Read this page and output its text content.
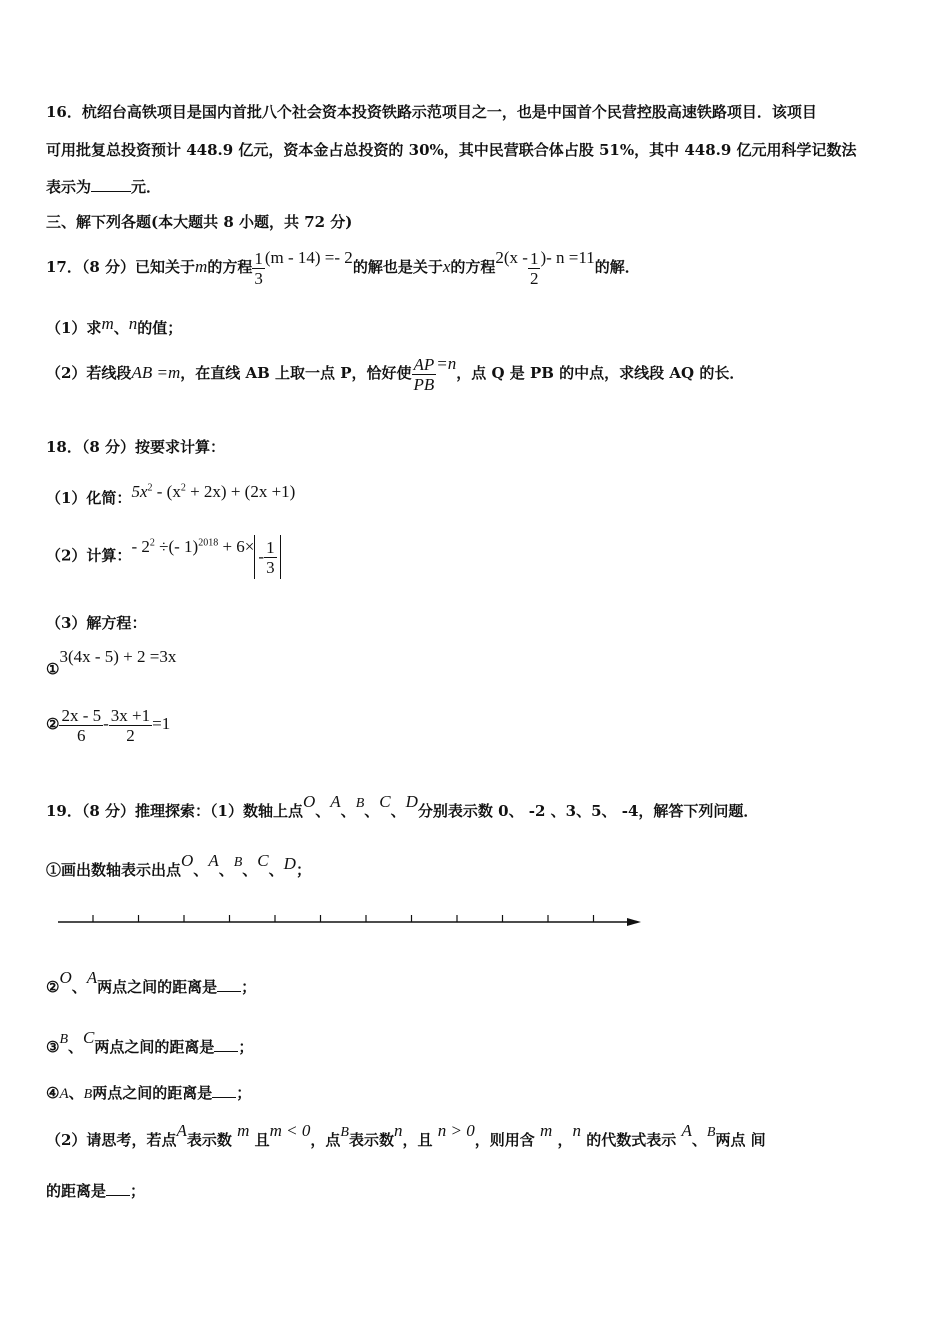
16．杭绍台高铁项目是国内首批八个社会资本投资铁路示范项目之一，也是中国首个民营控股高速铁路项目．该项目
可用批复总投资预计 448.9 亿元，资本金占总投资的 30%，其中民营联合体占股 51%，其中 448.9 亿元用科学记数法
表示为	元．
三、解下列各题(本大题共 8 小题，共 72 分)
17．（8 分）已知关于m的方程 $\frac{1}{3} (m - 14) =- 2$的解也是关于x的方程$2(x - \frac{1}{2}$ )- n =11的解．
（1）求m、n的值；
（2）若线段AB =m，在直线 AB 上取一点 P，恰好使 $\frac{AP}{PB} =n$，点 Q 是 PB 的中点，求线段 AQ 的长．
18．（8 分）按要求计算：
（1）化简：$5x^2 - (x^2 + 2x) + (2x +1)$
（2）计算：- $2^2$ ÷(- $1)^{2018} + 6\times- \frac{1}{3}$
（3）解方程：
①3(4x - 5) + 2 =3x
② $\frac{2x - 5}{6} - \frac{3x +1}{2} =1$
19．（8 分）推理探索：（1）数轴上点O、A、B、C、D分别表示数 0、 -2 、3、5、 -4，解答下列问题．
①画出数轴表示出点O、A、B、C、D；
②O、A两点之间的距离是 ；
③B、C两点之间的距离是 ；
④A、B两点之间的距离是 ；
（2）请思考，若点A表示数 m 且m < 0，点B表示数n，且 n > 0，则用含 m ，n 的代数式表示 A、B两点 间
的距离是 ；
